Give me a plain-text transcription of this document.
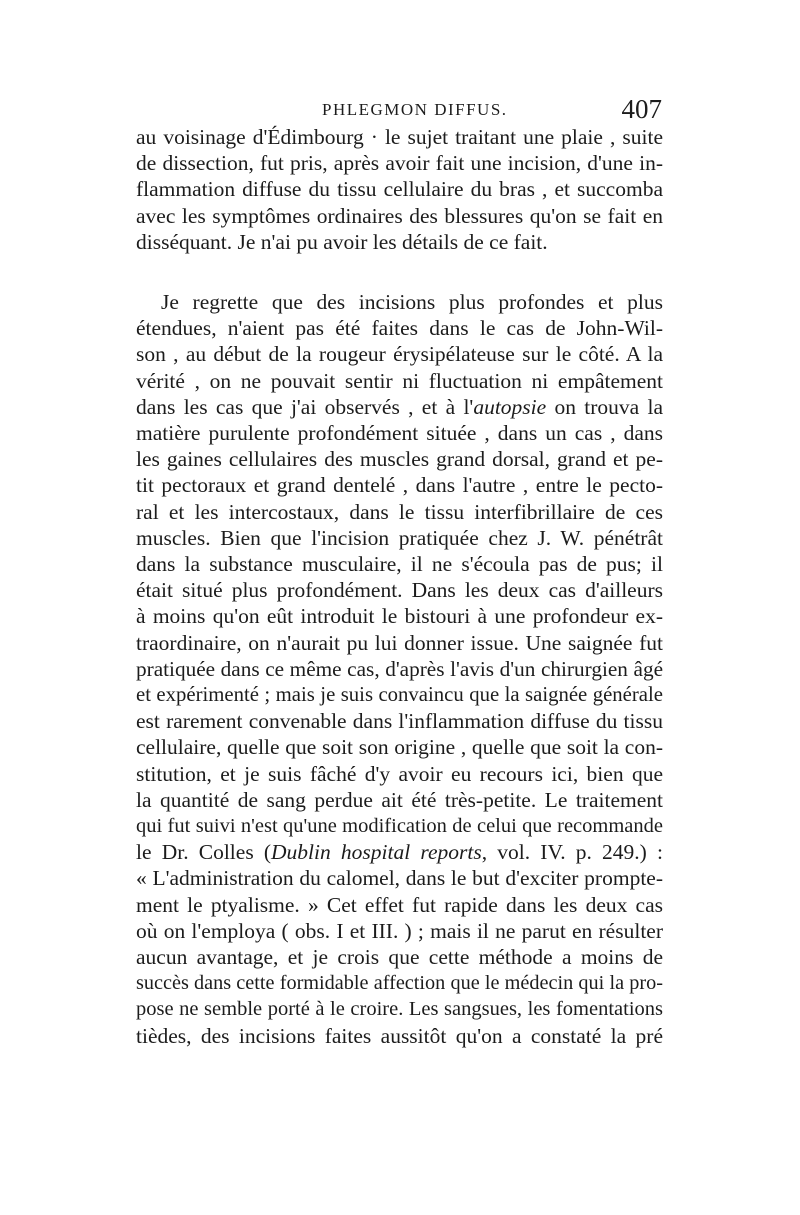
PHLEGMON DIFFUS.	407
au voisinage d'Édimbourg · le sujet traitant une plaie , suite
de dissection, fut pris, après avoir fait une incision, d'une in-
flammation diffuse du tissu cellulaire du bras , et succomba
avec les symptômes ordinaires des blessures qu'on se fait en
disséquant. Je n'ai pu avoir les détails de ce fait.
Je regrette que des incisions plus profondes et plus
étendues, n'aient pas été faites dans le cas de John-Wil-
son , au début de la rougeur érysipélateuse sur le côté. A la
vérité , on ne pouvait sentir ni fluctuation ni empâtement
dans les cas que j'ai observés , et à l'autopsie on trouva la
matière purulente profondément située , dans un cas , dans
les gaines cellulaires des muscles grand dorsal, grand et pe-
tit pectoraux et grand dentelé , dans l'autre , entre le pecto-
ral et les intercostaux, dans le tissu interfibrillaire de ces
muscles. Bien que l'incision pratiquée chez J. W. pénétrât
dans la substance musculaire, il ne s'écoula pas de pus; il
était situé plus profondément. Dans les deux cas d'ailleurs
à moins qu'on eût introduit le bistouri à une profondeur ex-
traordinaire, on n'aurait pu lui donner issue. Une saignée fut
pratiquée dans ce même cas, d'après l'avis d'un chirurgien âgé
et expérimenté ; mais je suis convaincu que la saignée générale
est rarement convenable dans l'inflammation diffuse du tissu
cellulaire, quelle que soit son origine , quelle que soit la con-
stitution, et je suis fâché d'y avoir eu recours ici, bien que
la quantité de sang perdue ait été très-petite. Le traitement
qui fut suivi n'est qu'une modification de celui que recommande
le Dr. Colles (Dublin hospital reports, vol. IV. p. 249.) :
« L'administration du calomel, dans le but d'exciter prompte-
ment le ptyalisme. » Cet effet fut rapide dans les deux cas
où on l'employa ( obs. I et III. ) ; mais il ne parut en résulter
aucun avantage, et je crois que cette méthode a moins de
succès dans cette formidable affection que le médecin qui la pro-
pose ne semble porté à le croire. Les sangsues, les fomentations
tièdes, des incisions faites aussitôt qu'on a constaté la pré
